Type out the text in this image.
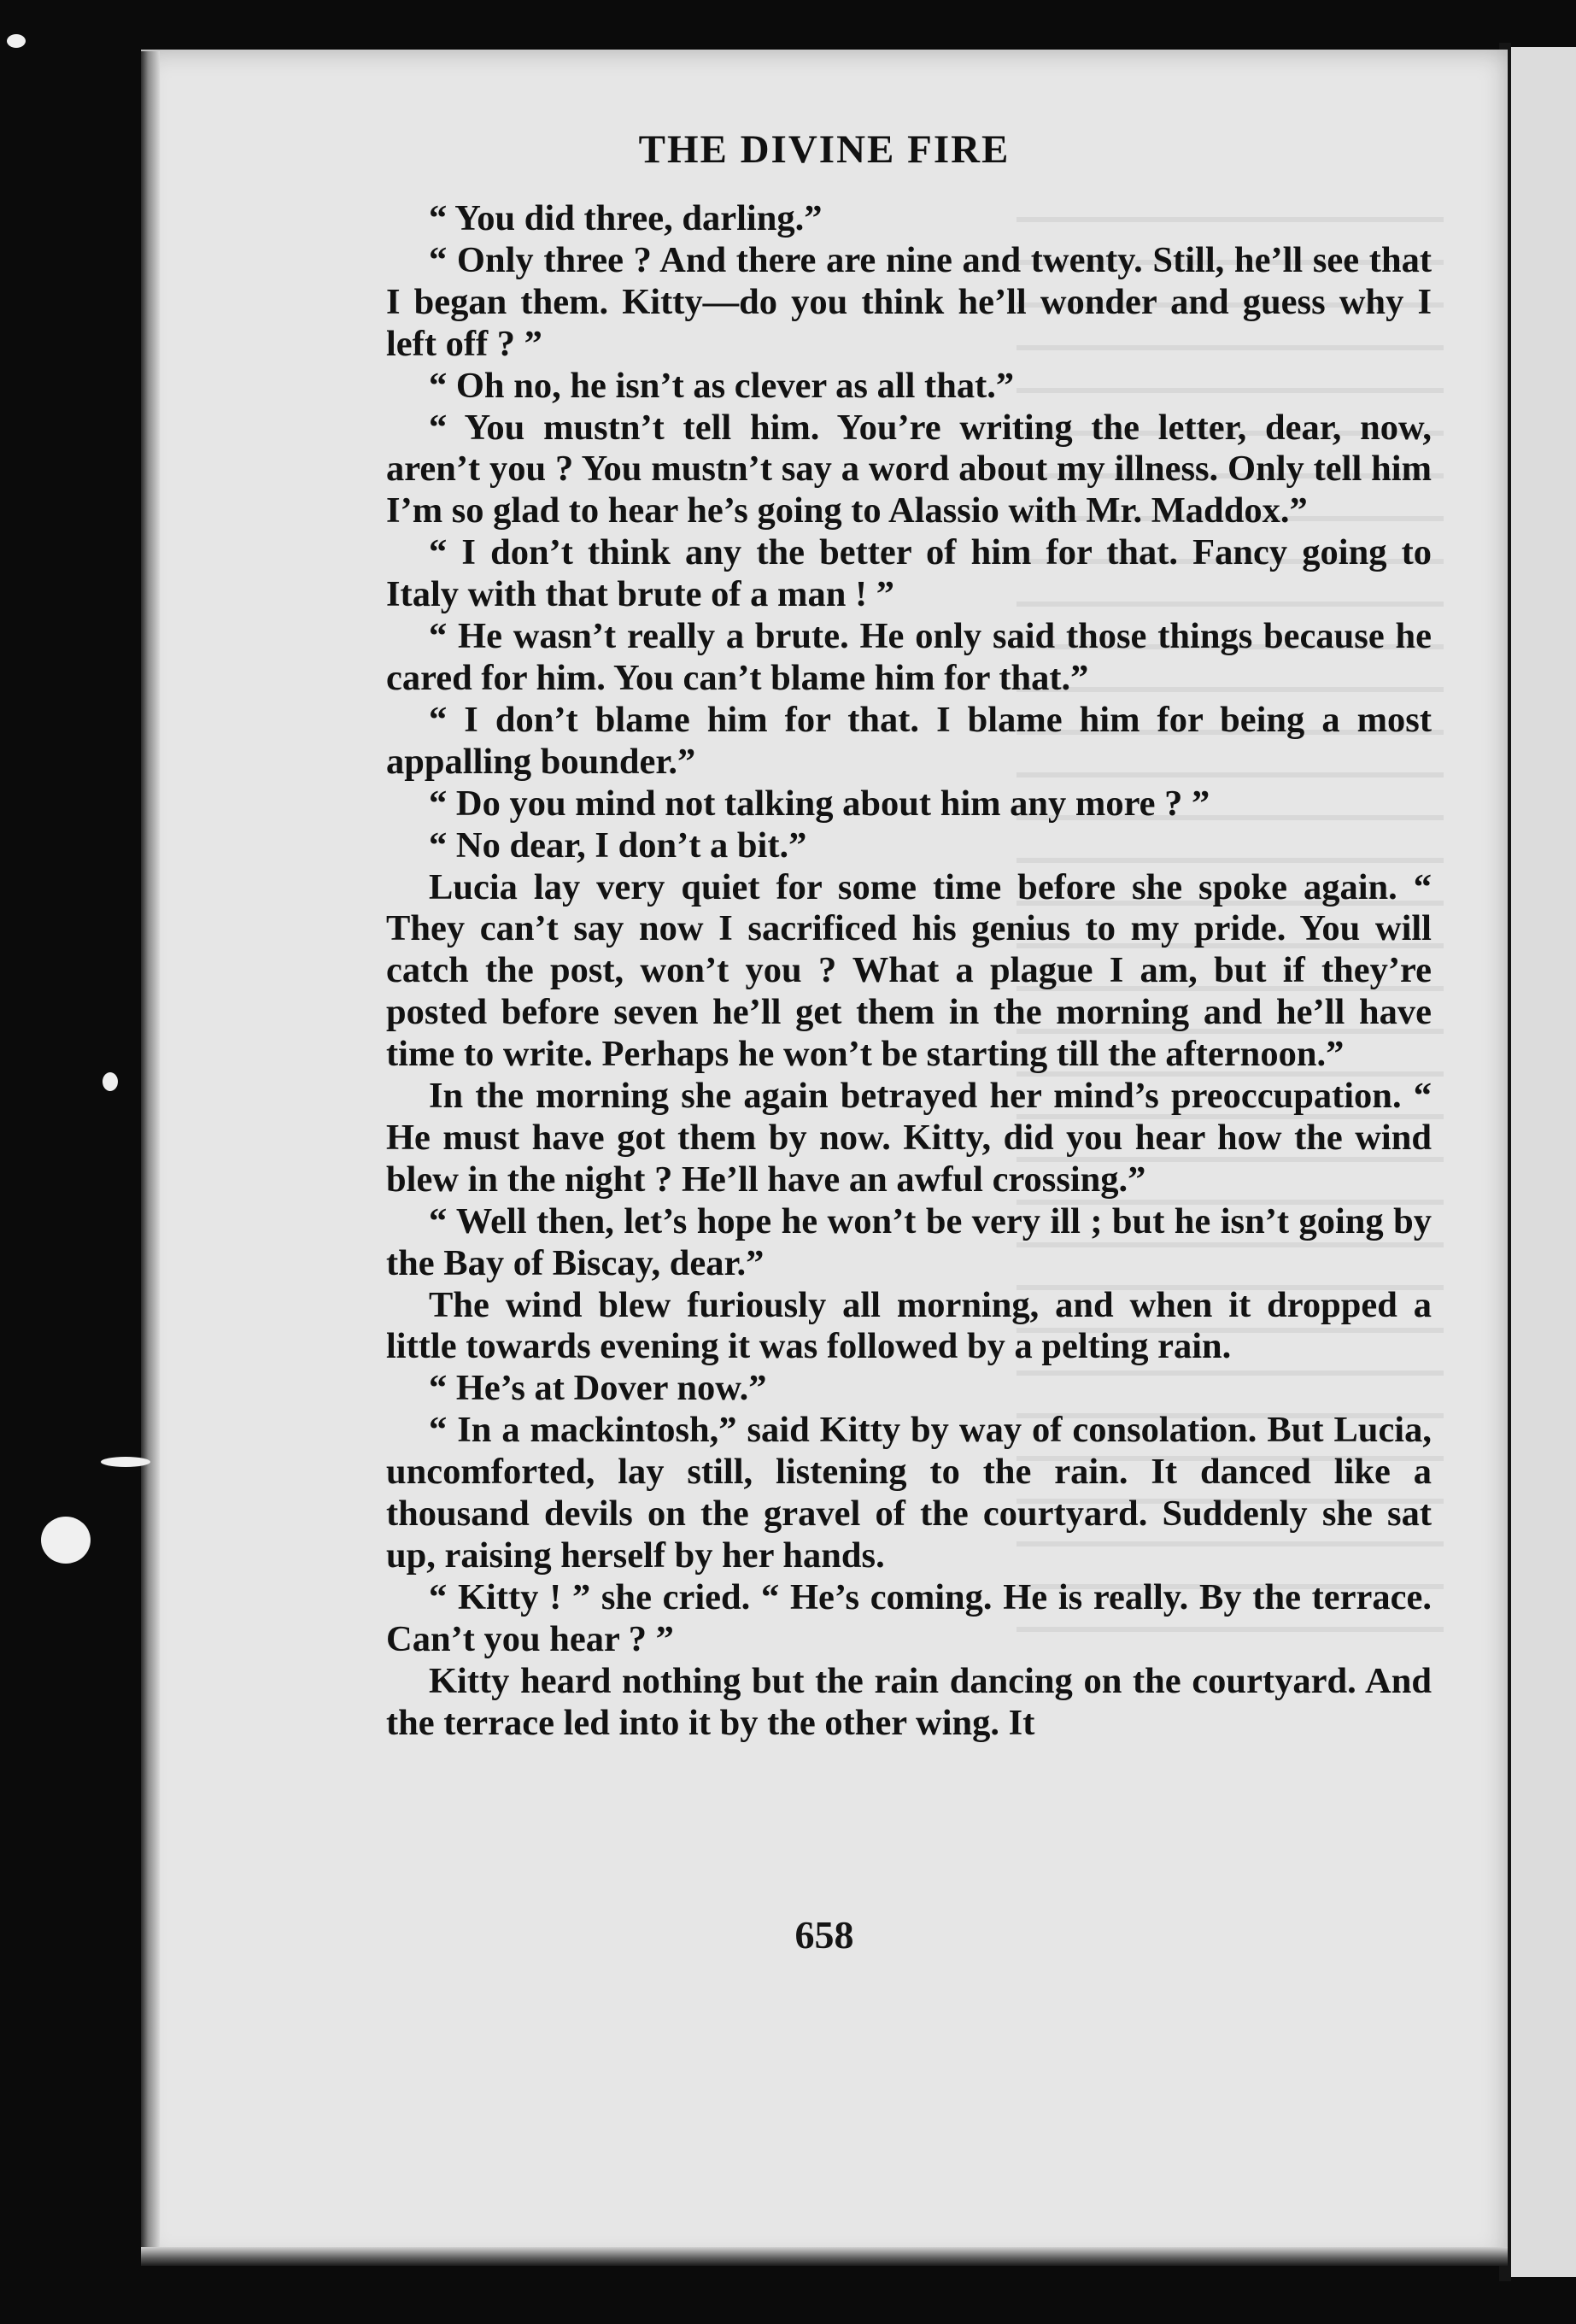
THE DIVINE FIRE

“ You did three, darling.”

“ Only three ? And there are nine and twenty. Still, he’ll see that I began them. Kitty—do you think he’ll wonder and guess why I left off ? ”

“ Oh no, he isn’t as clever as all that.”

“ You mustn’t tell him. You’re writing the letter, dear, now, aren’t you ? You mustn’t say a word about my illness. Only tell him I’m so glad to hear he’s going to Alassio with Mr. Maddox.”

“ I don’t think any the better of him for that. Fancy going to Italy with that brute of a man ! ”

“ He wasn’t really a brute. He only said those things because he cared for him. You can’t blame him for that.”

“ I don’t blame him for that. I blame him for being a most appalling bounder.”

“ Do you mind not talking about him any more ? ”

“ No dear, I don’t a bit.”

Lucia lay very quiet for some time before she spoke again. “ They can’t say now I sacrificed his genius to my pride. You will catch the post, won’t you ? What a plague I am, but if they’re posted before seven he’ll get them in the morning and he’ll have time to write. Perhaps he won’t be starting till the afternoon.”

In the morning she again betrayed her mind’s preoccupation. “ He must have got them by now. Kitty, did you hear how the wind blew in the night ? He’ll have an awful crossing.”

“ Well then, let’s hope he won’t be very ill ; but he isn’t going by the Bay of Biscay, dear.”

The wind blew furiously all morning, and when it dropped a little towards evening it was followed by a pelting rain.

“ He’s at Dover now.”

“ In a mackintosh,” said Kitty by way of consolation. But Lucia, uncomforted, lay still, listening to the rain. It danced like a thousand devils on the gravel of the courtyard. Suddenly she sat up, raising herself by her hands.

“ Kitty ! ” she cried. “ He’s coming. He is really. By the terrace. Can’t you hear ? ”

Kitty heard nothing but the rain dancing on the courtyard. And the terrace led into it by the other wing. It

658
